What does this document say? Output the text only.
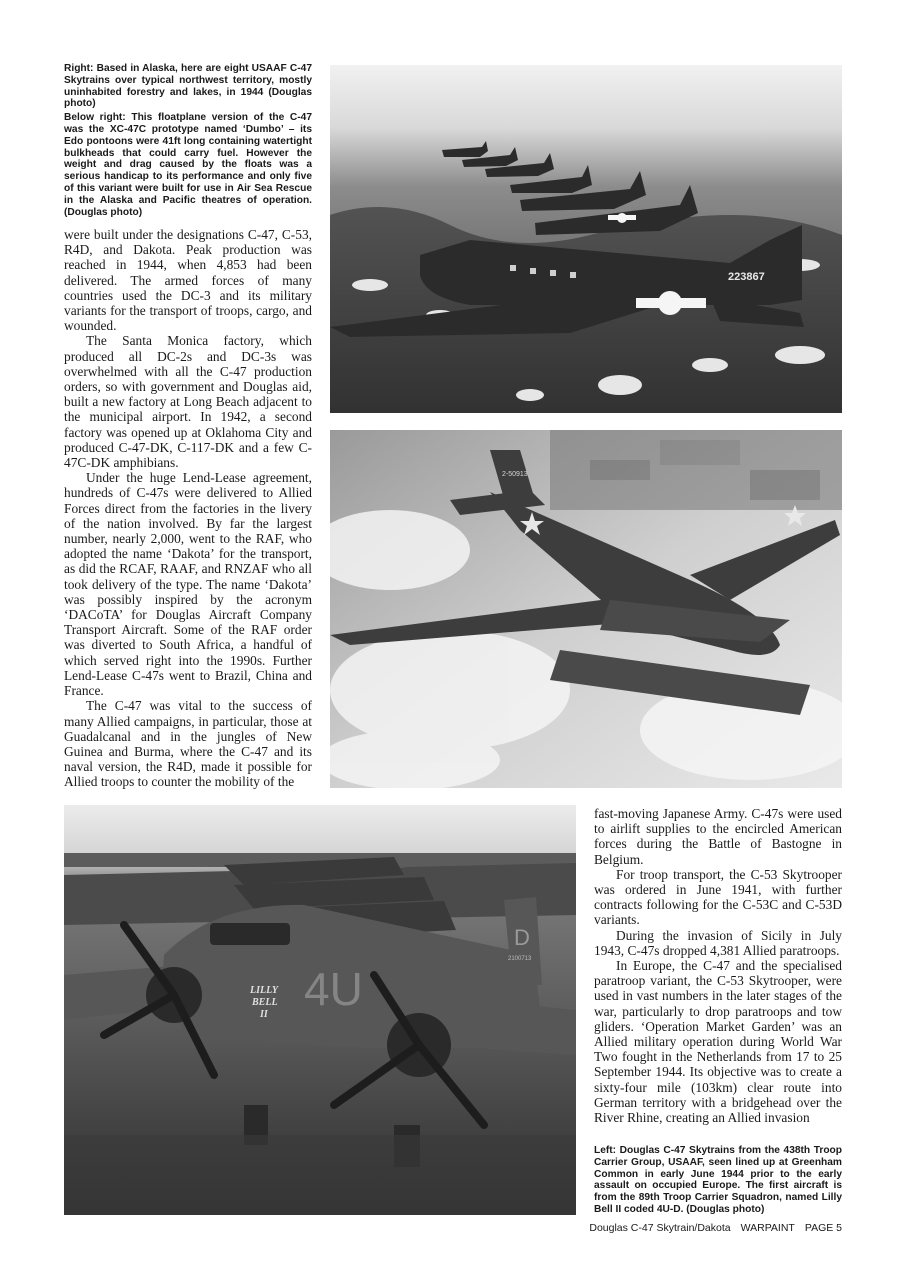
Right: Based in Alaska, here are eight USAAF C-47 Skytrains over typical northwest territory, mostly uninhabited forestry and lakes, in 1944 (Douglas photo)

Below right: This floatplane version of the C-47 was the XC-47C prototype named ‘Dumbo’ – its Edo pontoons were 41ft long containing watertight bulkheads that could carry fuel. However the weight and drag caused by the floats was a serious handicap to its performance and only five of this variant were built for use in Air Sea Rescue in the Alaska and Pacific theatres of operation. (Douglas photo)

were built under the designations C-47, C-53, R4D, and Dakota. Peak production was reached in 1944, when 4,853 had been delivered. The armed forces of many countries used the DC-3 and its military variants for the transport of troops, cargo, and wounded.

The Santa Monica factory, which produced all DC-2s and DC-3s was overwhelmed with all the C-47 production orders, so with government and Douglas aid, built a new factory at Long Beach adjacent to the municipal airport. In 1942, a second factory was opened up at Oklahoma City and produced C-47-DK, C-117-DK and a few C-47C-DK amphibians.

Under the huge Lend-Lease agreement, hundreds of C-47s were delivered to Allied Forces direct from the factories in the livery of the nation involved. By far the largest number, nearly 2,000, went to the RAF, who adopted the name ‘Dakota’ for the transport, as did the RCAF, RAAF, and RNZAF who all took delivery of the type. The name ‘Dakota’ was possibly inspired by the acronym ‘DACoTA’ for Douglas Aircraft Company Transport Aircraft. Some of the RAF order was diverted to South Africa, a handful of which served right into the 1990s. Further Lend-Lease C-47s went to Brazil, China and France.

The C-47 was vital to the success of many Allied campaigns, in particular, those at Guadalcanal and in the jungles of New Guinea and Burma, where the C-47 and its naval version, the R4D, made it possible for Allied troops to counter the mobility of the

223867
2-50913
4U
D
2100713
LILLY
BELL
II

fast-moving Japanese Army. C-47s were used to airlift supplies to the encircled American forces during the Battle of Bastogne in Belgium.

For troop transport, the C-53 Skytrooper was ordered in June 1941, with further contracts following for the C-53C and C-53D variants.

During the invasion of Sicily in July 1943, C-47s dropped 4,381 Allied paratroops.

In Europe, the C-47 and the specialised paratroop variant, the C-53 Skytrooper, were used in vast numbers in the later stages of the war, particularly to drop paratroops and tow gliders. ‘Operation Market Garden’ was an Allied military operation during World War Two fought in the Netherlands from 17 to 25 September 1944. Its objective was to create a sixty-four mile (103km) clear route into German territory with a bridgehead over the River Rhine, creating an Allied invasion

Left: Douglas C-47 Skytrains from the 438th Troop Carrier Group, USAAF, seen lined up at Greenham Common in early June 1944 prior to the early assault on occupied Europe. The first aircraft is from the 89th Troop Carrier Squadron, named Lilly Bell II coded 4U-D. (Douglas photo)

Douglas C-47 Skytrain/Dakota WARPAINT PAGE 5
